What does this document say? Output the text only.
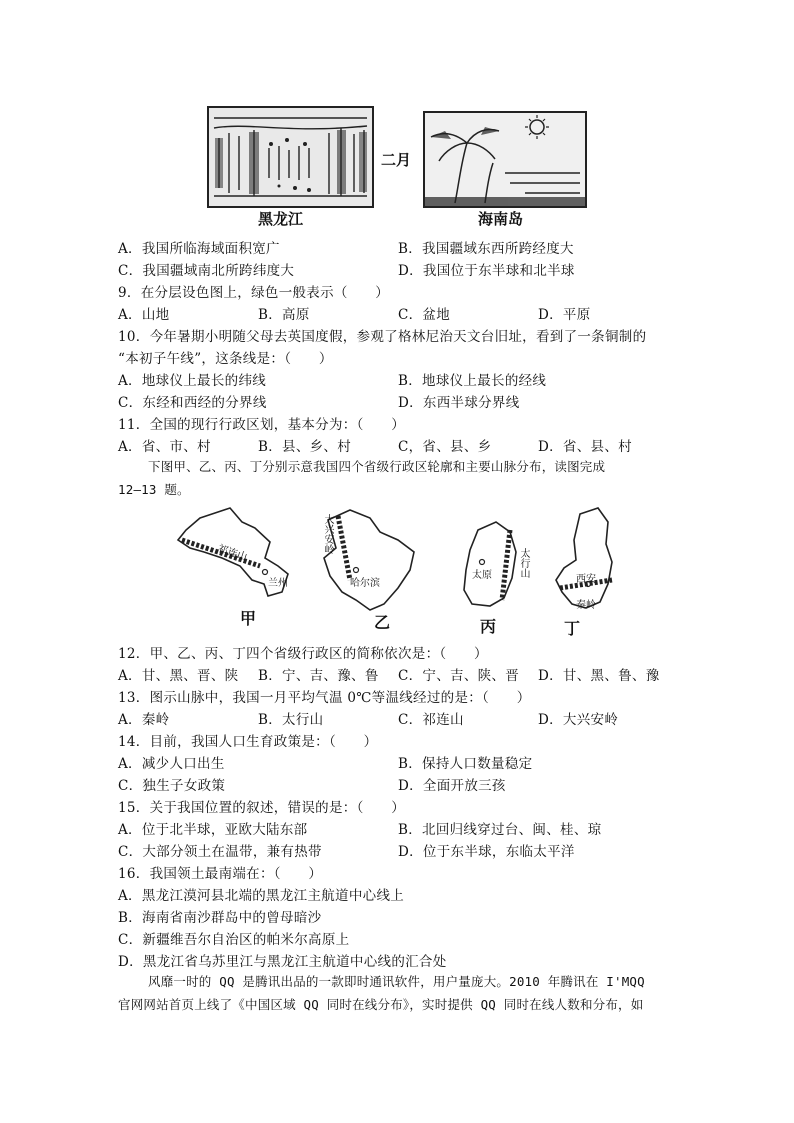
二月
黑龙江	海南岛
A．我国所临海域面积宽广	B．我国疆域东西所跨经度大
C．我国疆域南北所跨纬度大	D．我国位于东半球和北半球
9．在分层设色图上，绿色一般表示（　　）
A．山地	B．高原	C．盆地	D．平原
10．今年暑期小明随父母去英国度假，参观了格林尼治天文台旧址，看到了一条铜制的
“本初子午线”，这条线是：（　　）
A．地球仪上最长的纬线	B．地球仪上最长的经线
C．东经和西经的分界线	D．东西半球分界线
11．全国的现行行政区划，基本分为：（　　）
A．省、市、村	B．县、乡、村	C，省、县、乡	D．省、县、村
下图甲、乙、丙、丁分别示意我国四个省级行政区轮廓和主要山脉分布，读图完成
12—13 题。
祁连山
兰州
甲
大兴安岭
哈尔滨
乙
太行山
太原
丙
秦岭
西安
丁
12．甲、乙、丙、丁四个省级行政区的简称依次是：（　　）
A．甘、黑、晋、陕 B．宁、吉、豫、鲁 C．宁、吉、陕、晋 D．甘、黑、鲁、豫
13．图示山脉中，我国一月平均气温 0℃等温线经过的是：（　　）
A．秦岭	B．太行山	C．祁连山	D．大兴安岭
14．目前，我国人口生育政策是：（　　）
A．减少人口出生	B．保持人口数量稳定
C．独生子女政策	D．全面开放三孩
15．关于我国位置的叙述，错误的是：（　　）
A．位于北半球，亚欧大陆东部	B．北回归线穿过台、闽、桂、琼
C．大部分领土在温带，兼有热带	D．位于东半球，东临太平洋
16．我国领土最南端在：（　　）
A．黑龙江漠河县北端的黑龙江主航道中心线上
B．海南省南沙群岛中的曾母暗沙
C．新疆维吾尔自治区的帕米尔高原上
D．黑龙江省乌苏里江与黑龙江主航道中心线的汇合处
风靡一时的 QQ 是腾讯出品的一款即时通讯软件，用户量庞大。2010 年腾讯在 I'MQQ
官网网站首页上线了《中国区域 QQ 同时在线分布》，实时提供 QQ 同时在线人数和分布，如
